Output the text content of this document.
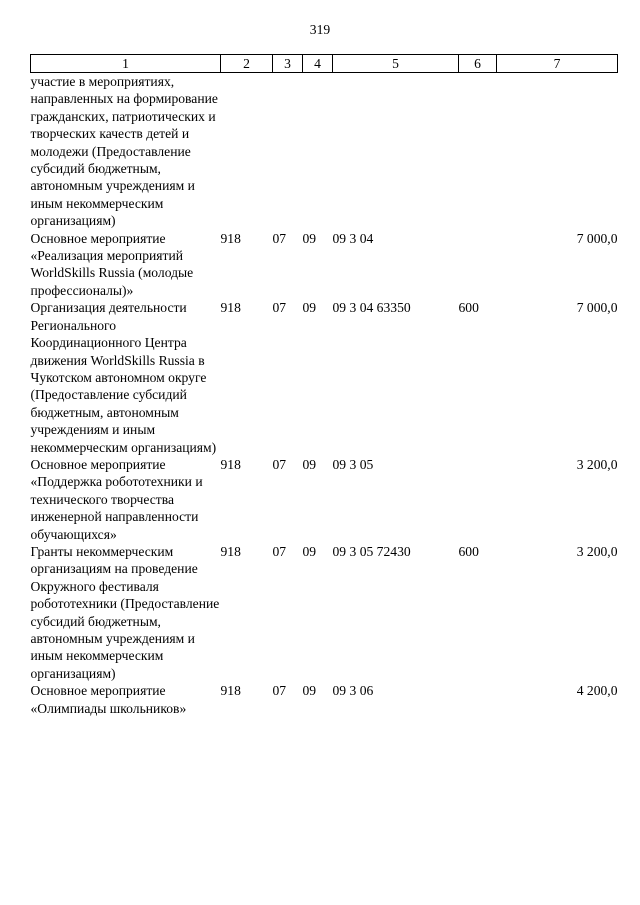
319
1	2	3	4	5	6	7
участие в мероприятиях, направленных на формирование гражданских, патриотических и творческих качеств детей и молодежи (Предоставление субсидий бюджетным, автономным учреждениям и иным некоммерческим организациям)						
Основное мероприятие «Реализация мероприятий WorldSkills Russia (молодые профессионалы)»	918	07	09	09 3 04		7 000,0
Организация деятельности Регионального Координационного Центра движения WorldSkills Russia в Чукотском автономном округе (Предоставление субсидий бюджетным, автономным учреждениям и иным некоммерческим организациям)	918	07	09	09 3 04 63350	600	7 000,0
Основное мероприятие «Поддержка робототехники и технического творчества инженерной направленности обучающихся»	918	07	09	09 3 05		3 200,0
Гранты некоммерческим организациям на проведение Окружного фестиваля робототехники (Предоставление субсидий бюджетным, автономным учреждениям и иным некоммерческим организациям)	918	07	09	09 3 05 72430	600	3 200,0
Основное мероприятие «Олимпиады школьников»	918	07	09	09 3 06		4 200,0
